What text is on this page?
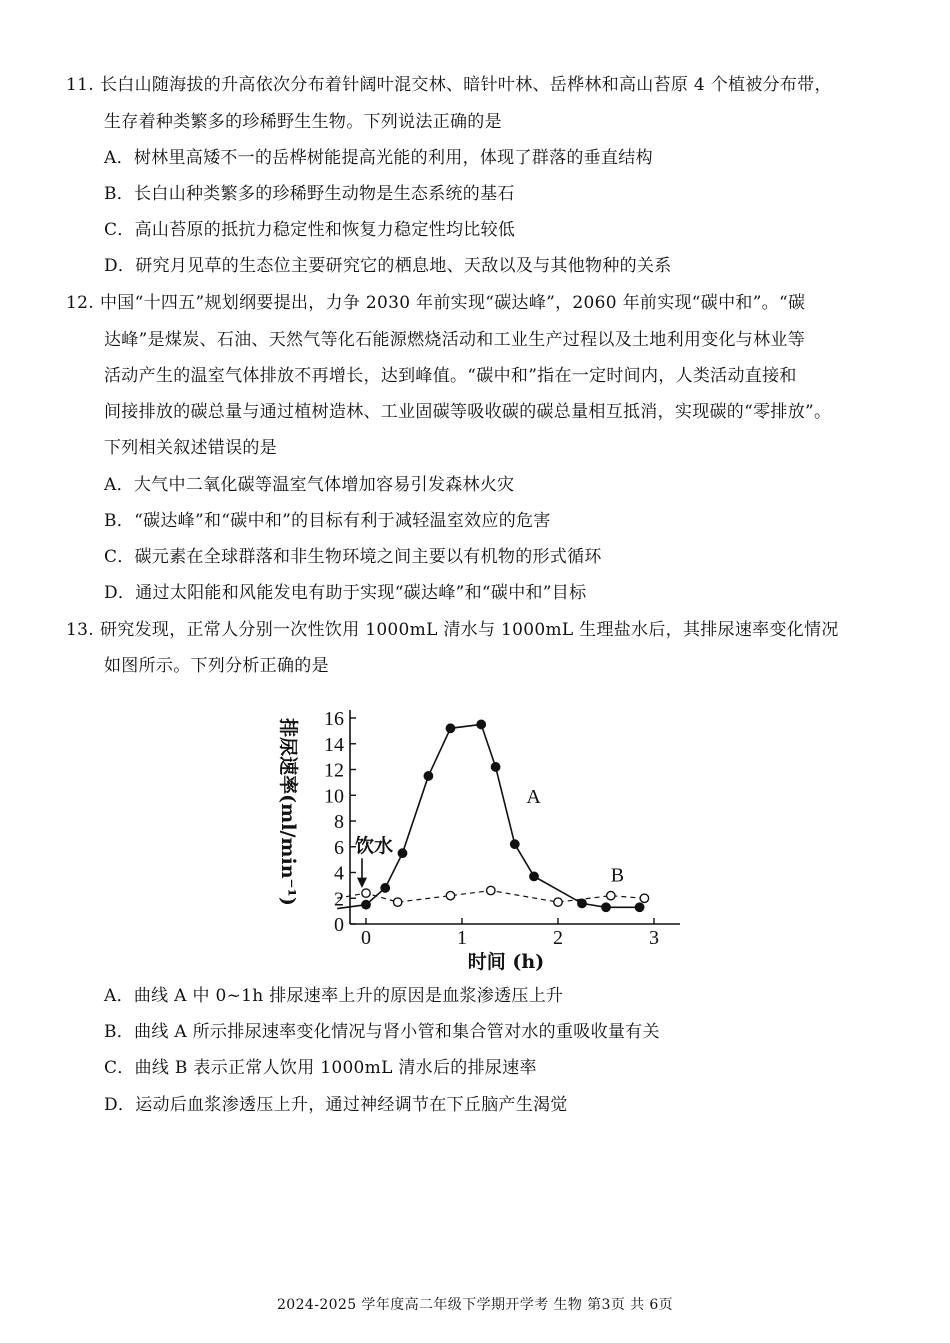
11. 长白山随海拔的升高依次分布着针阔叶混交林、暗针叶林、岳桦林和高山苔原 4 个植被分布带，
生存着种类繁多的珍稀野生生物。下列说法正确的是
A．树林里高矮不一的岳桦树能提高光能的利用，体现了群落的垂直结构
B．长白山种类繁多的珍稀野生动物是生态系统的基石
C．高山苔原的抵抗力稳定性和恢复力稳定性均比较低
D．研究月见草的生态位主要研究它的栖息地、天敌以及与其他物种的关系
12. 中国“十四五”规划纲要提出，力争 2030 年前实现“碳达峰”，2060 年前实现“碳中和”。“碳
达峰”是煤炭、石油、天然气等化石能源燃烧活动和工业生产过程以及土地利用变化与林业等
活动产生的温室气体排放不再增长，达到峰值。“碳中和”指在一定时间内，人类活动直接和
间接排放的碳总量与通过植树造林、工业固碳等吸收碳的碳总量相互抵消，实现碳的“零排放”。
下列相关叙述错误的是
A．大气中二氧化碳等温室气体增加容易引发森林火灾
B．“碳达峰”和“碳中和”的目标有利于减轻温室效应的危害
C．碳元素在全球群落和非生物环境之间主要以有机物的形式循环
D．通过太阳能和风能发电有助于实现“碳达峰”和“碳中和”目标
13. 研究发现，正常人分别一次性饮用 1000mL 清水与 1000mL 生理盐水后，其排尿速率变化情况
如图所示。下列分析正确的是
0
2
4
6
8
10
12
14
16
0	1	2	3
时间 (h)
排尿速率(ml/min⁻¹)	A
B
饮水
A．曲线 A 中 0~1h 排尿速率上升的原因是血浆渗透压上升
B．曲线 A 所示排尿速率变化情况与肾小管和集合管对水的重吸收量有关
C．曲线 B 表示正常人饮用 1000mL 清水后的排尿速率
D．运动后血浆渗透压上升，通过神经调节在下丘脑产生渴觉
2024-2025 学年度高二年级下学期开学考 生物 第3页 共 6页
